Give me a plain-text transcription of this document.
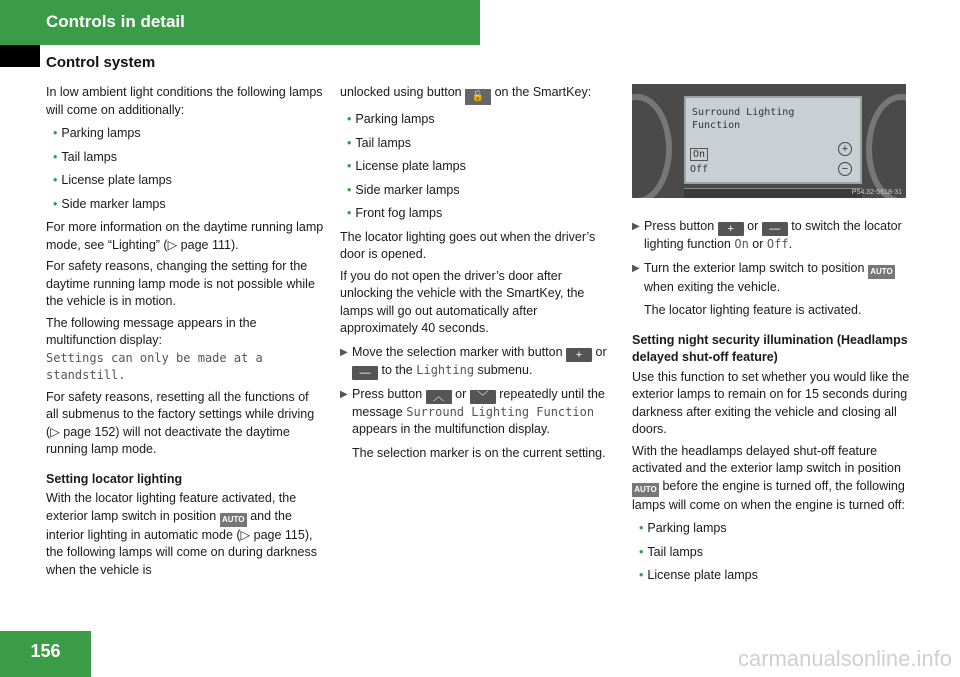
Controls in detail
Control system
In low ambient light conditions the following lamps will come on additionally:
• Parking lamps
• Tail lamps
• License plate lamps
• Side marker lamps
For more information on the daytime running lamp mode, see “Lighting” (▷ page 111).
For safety reasons, changing the setting for the daytime running lamp mode is not possible while the vehicle is in motion.
The following message appears in the multifunction display:
Settings can only be made at a standstill.
For safety reasons, resetting all the functions of all submenus to the factory settings while driving (▷ page 152) will not deactivate the daytime running lamp mode.
Setting locator lighting
With the locator lighting feature activated, the exterior lamp switch in position AUTO and the interior lighting in automatic mode (▷ page 115), the following lamps will come on during darkness when the vehicle is
unlocked using button 🔓 on the SmartKey:
• Parking lamps
• Tail lamps
• License plate lamps
• Side marker lamps
• Front fog lamps
The locator lighting goes out when the driver’s door is opened.
If you do not open the driver’s door after unlocking the vehicle with the SmartKey, the lamps will go out automatically after approximately 40 seconds.
▶ Move the selection marker with button + or — to the Lighting submenu.
▶ Press button ︿ or ﹀ repeatedly until the message Surround Lighting Function appears in the multifunction display.
The selection marker is on the current setting.
Surround Lighting
Function
On
Off
+
−
P54.32-5618-31
▶ Press button + or — to switch the locator lighting function On or Off.
▶ Turn the exterior lamp switch to position AUTO when exiting the vehicle.
The locator lighting feature is activated.
Setting night security illumination (Headlamps delayed shut-off feature)
Use this function to set whether you would like the exterior lamps to remain on for 15 seconds during darkness after exiting the vehicle and closing all doors.
With the headlamps delayed shut-off feature activated and the exterior lamp switch in position AUTO before the engine is turned off, the following lamps will come on when the engine is turned off:
• Parking lamps
• Tail lamps
• License plate lamps
156	carmanualsonline.info
